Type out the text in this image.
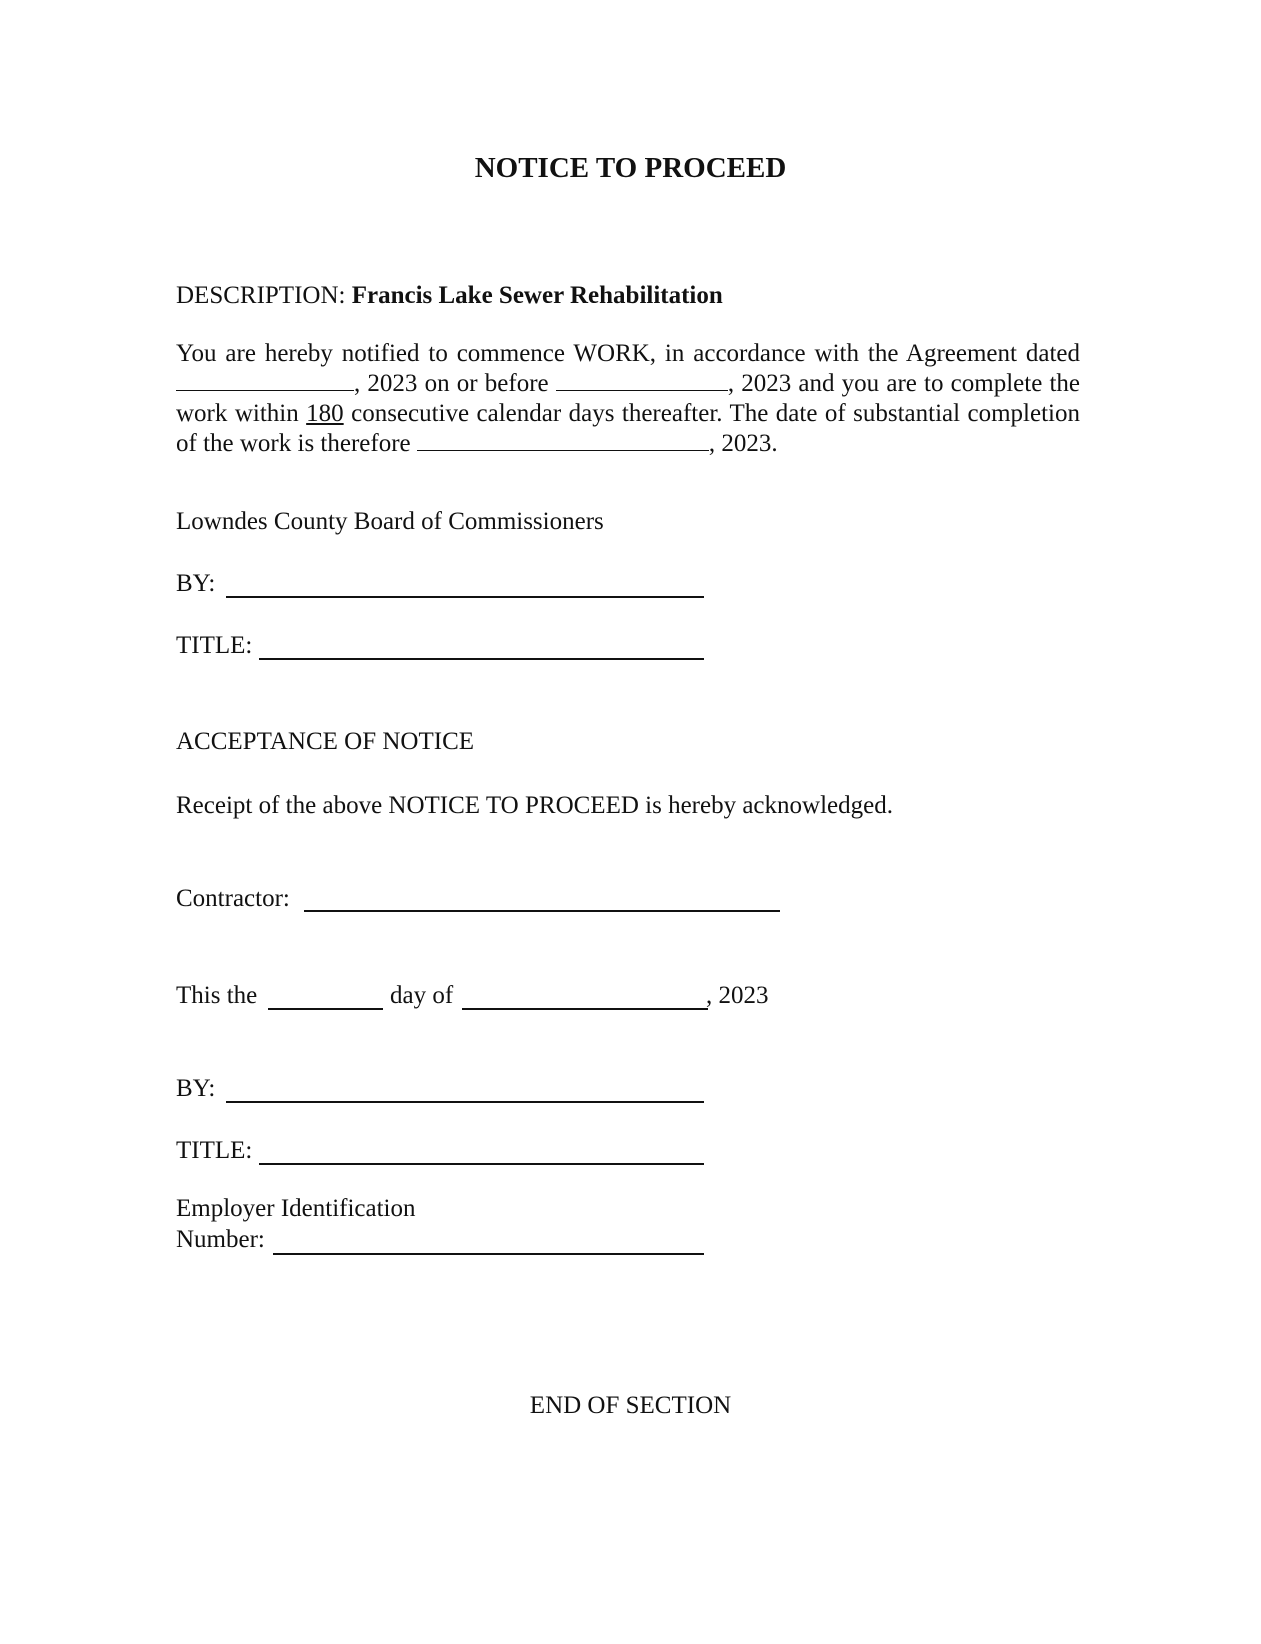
NOTICE TO PROCEED
DESCRIPTION: Francis Lake Sewer Rehabilitation
You are hereby notified to commence WORK, in accordance with the Agreement dated
, 2023 on or before	, 2023 and you are to complete the
work within 180 consecutive calendar days thereafter. The date of substantial completion
of the work is therefore	, 2023.
Lowndes County Board of Commissioners
BY:
TITLE:
ACCEPTANCE OF NOTICE
Receipt of the above NOTICE TO PROCEED is hereby acknowledged.
Contractor:
This the	day of	, 2023
BY:
TITLE:
Employer Identification
Number:
END OF SECTION
